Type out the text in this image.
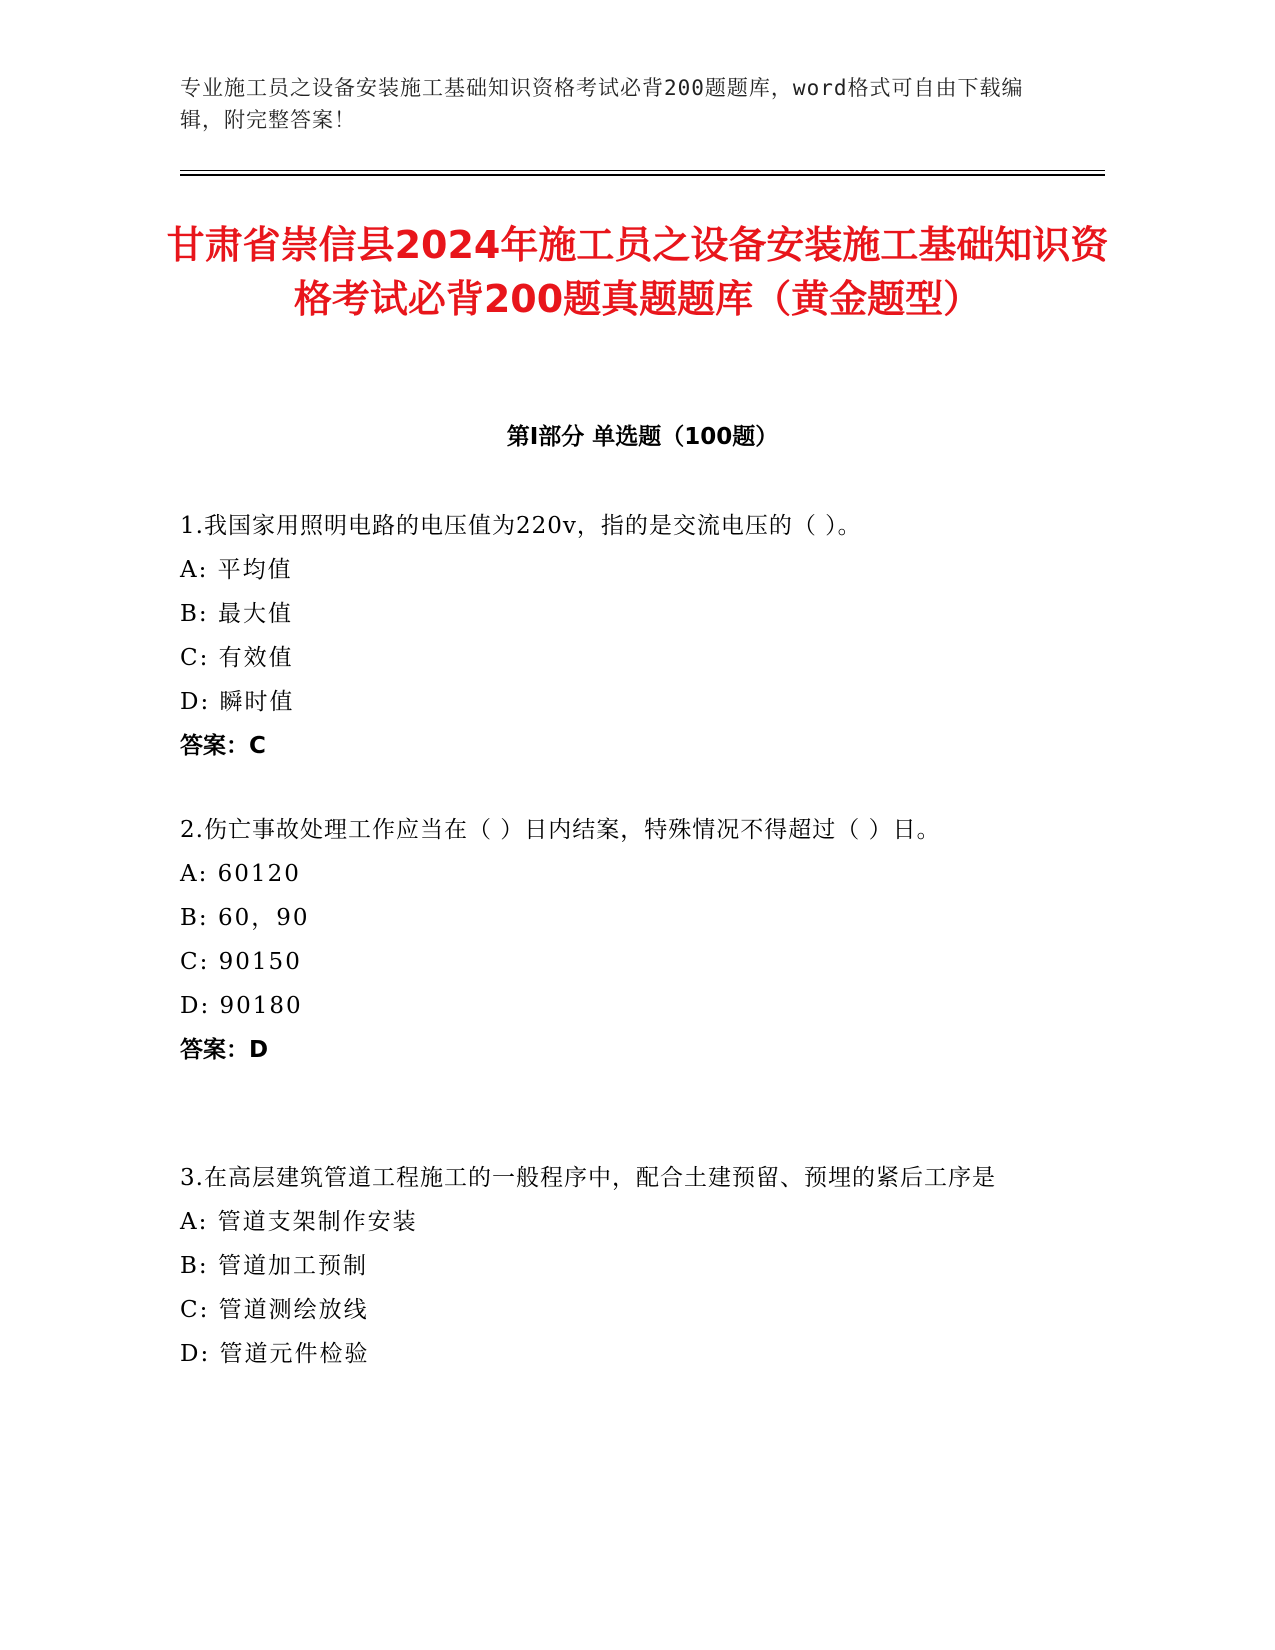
专业施工员之设备安装施工基础知识资格考试必背200题题库，word格式可自由下载编辑，附完整答案！
甘肃省崇信县2024年施工员之设备安装施工基础知识资格考试必背200题真题题库（黄金题型）
第Ⅰ部分 单选题（100题）
1.我国家用照明电路的电压值为220v，指的是交流电压的（ ）。
A: 平均值
B: 最大值
C: 有效值
D: 瞬时值
答案：C
2.伤亡事故处理工作应当在（ ）日内结案，特殊情况不得超过（ ）日。
A: 60120
B: 60，90
C: 90150
D: 90180
答案：D
3.在高层建筑管道工程施工的一般程序中，配合土建预留、预埋的紧后工序是
A: 管道支架制作安装
B: 管道加工预制
C: 管道测绘放线
D: 管道元件检验
